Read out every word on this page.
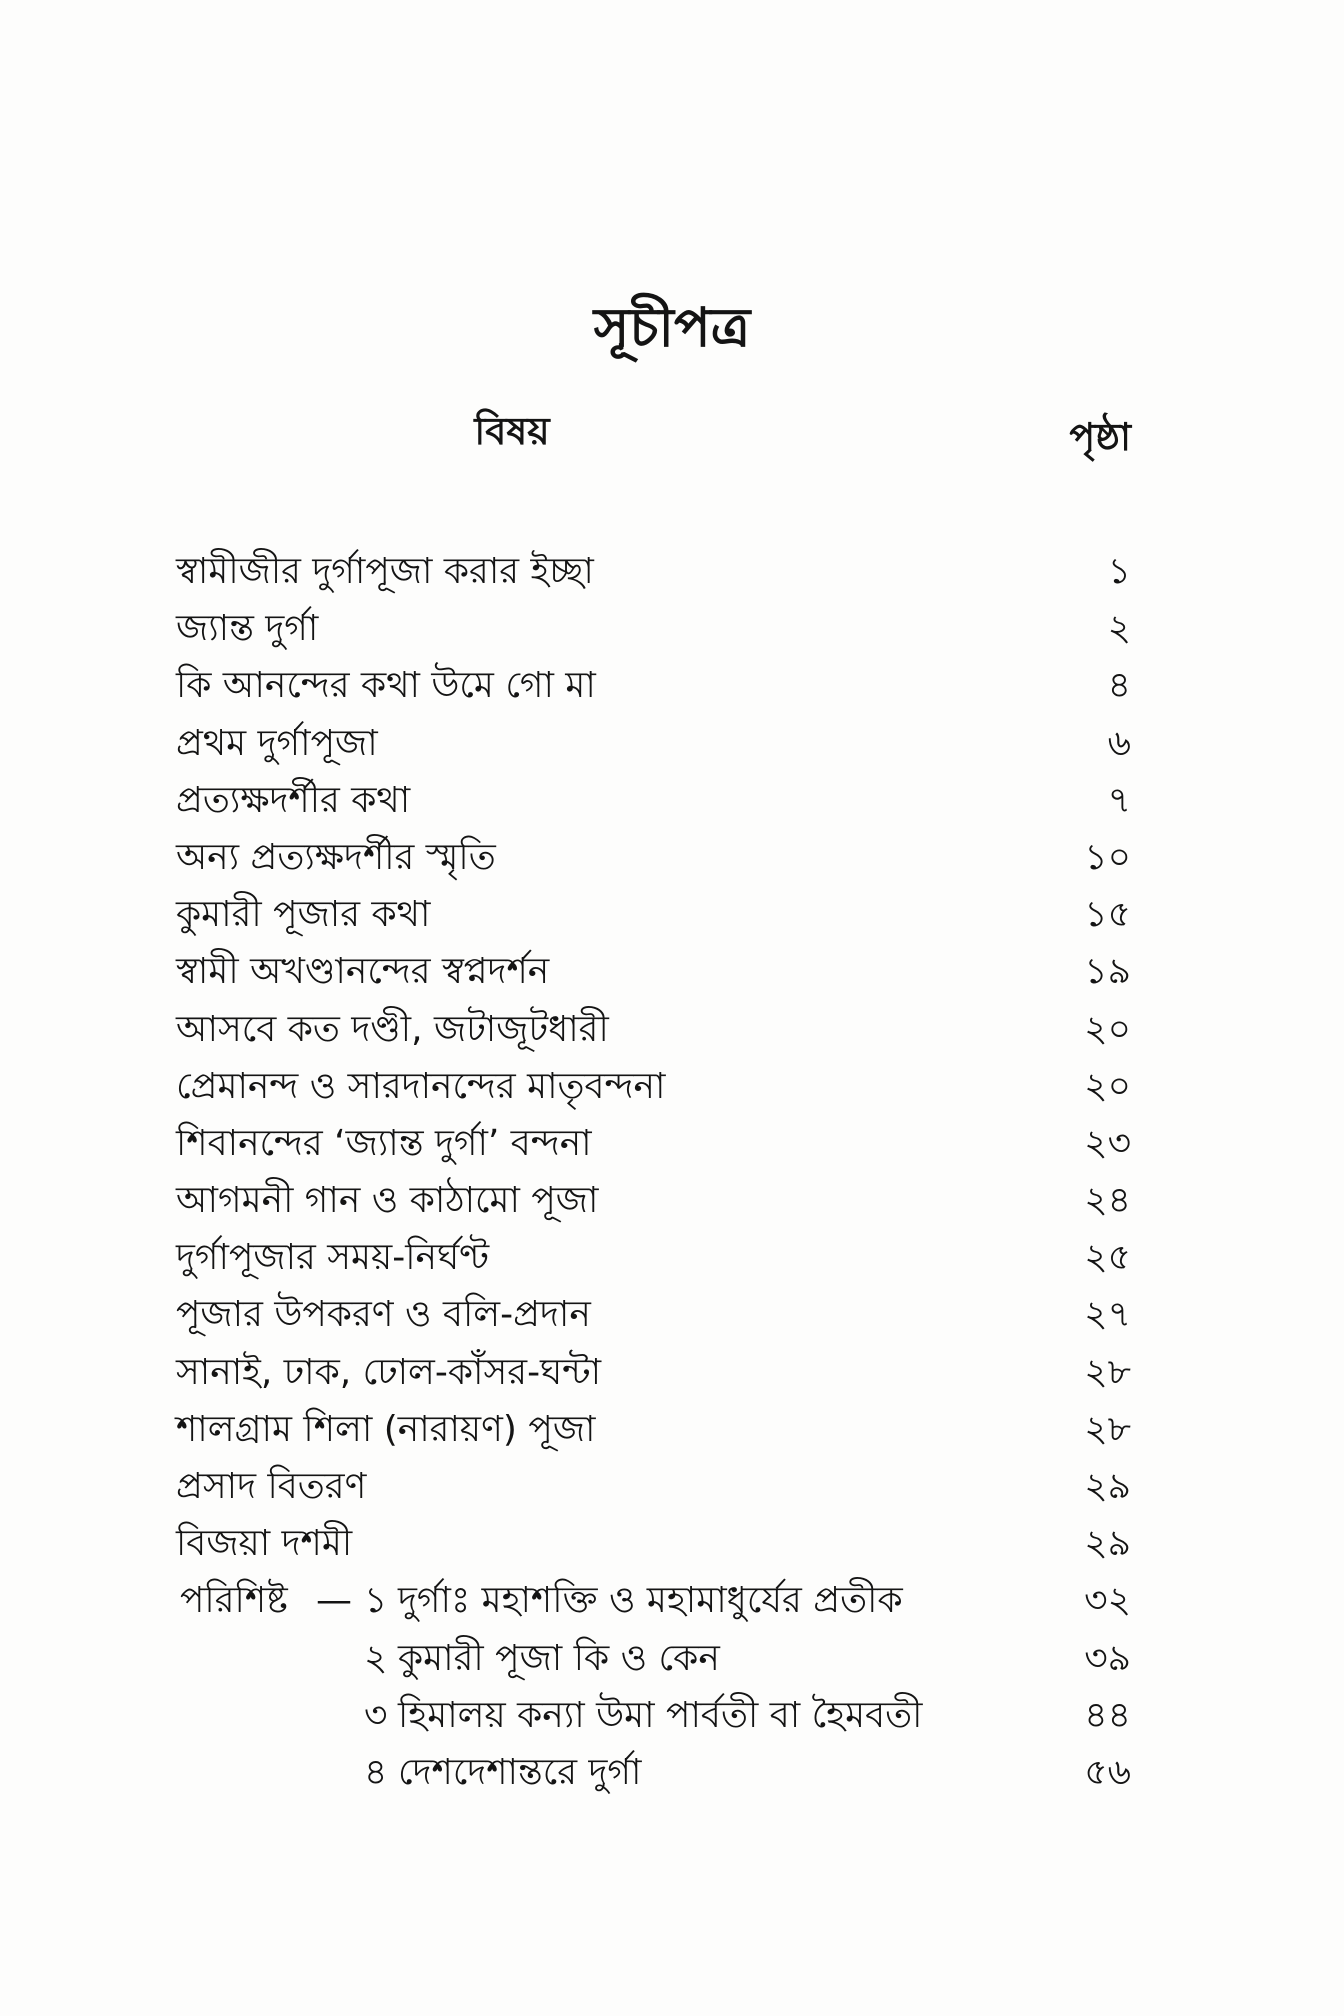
সূচীপত্র
বিষয়	পৃষ্ঠা
স্বামীজীর দুর্গাপূজা করার ইচ্ছা	১
জ্যান্ত দুর্গা	২
কি আনন্দের কথা উমে গো মা	৪
প্রথম দুর্গাপূজা	৬
প্রত্যক্ষদর্শীর কথা	৭
অন্য প্রত্যক্ষদর্শীর স্মৃতি	১০
কুমারী পূজার কথা	১৫
স্বামী অখণ্ডানন্দের স্বপ্নদর্শন	১৯
আসবে কত দণ্ডী, জটাজূটধারী	২০
প্রেমানন্দ ও সারদানন্দের মাতৃবন্দনা	২০
শিবানন্দের ‘জ্যান্ত দুর্গা’ বন্দনা	২৩
আগমনী গান ও কাঠামো পূজা	২৪
দুর্গাপূজার সময়-নির্ঘণ্ট	২৫
পূজার উপকরণ ও বলি-প্রদান	২৭
সানাই, ঢাক, ঢোল-কাঁসর-ঘন্টা	২৮
শালগ্রাম শিলা (নারায়ণ) পূজা	২৮
প্রসাদ বিতরণ	২৯
বিজয়া দশমী	২৯
পরিশিষ্ট — ১ দুর্গাঃ মহাশক্তি ও মহামাধুর্যের প্রতীক	৩২
২ কুমারী পূজা কি ও কেন	৩৯
৩ হিমালয় কন্যা উমা পার্বতী বা হৈমবতী	৪৪
৪ দেশদেশান্তরে দুর্গা	৫৬
